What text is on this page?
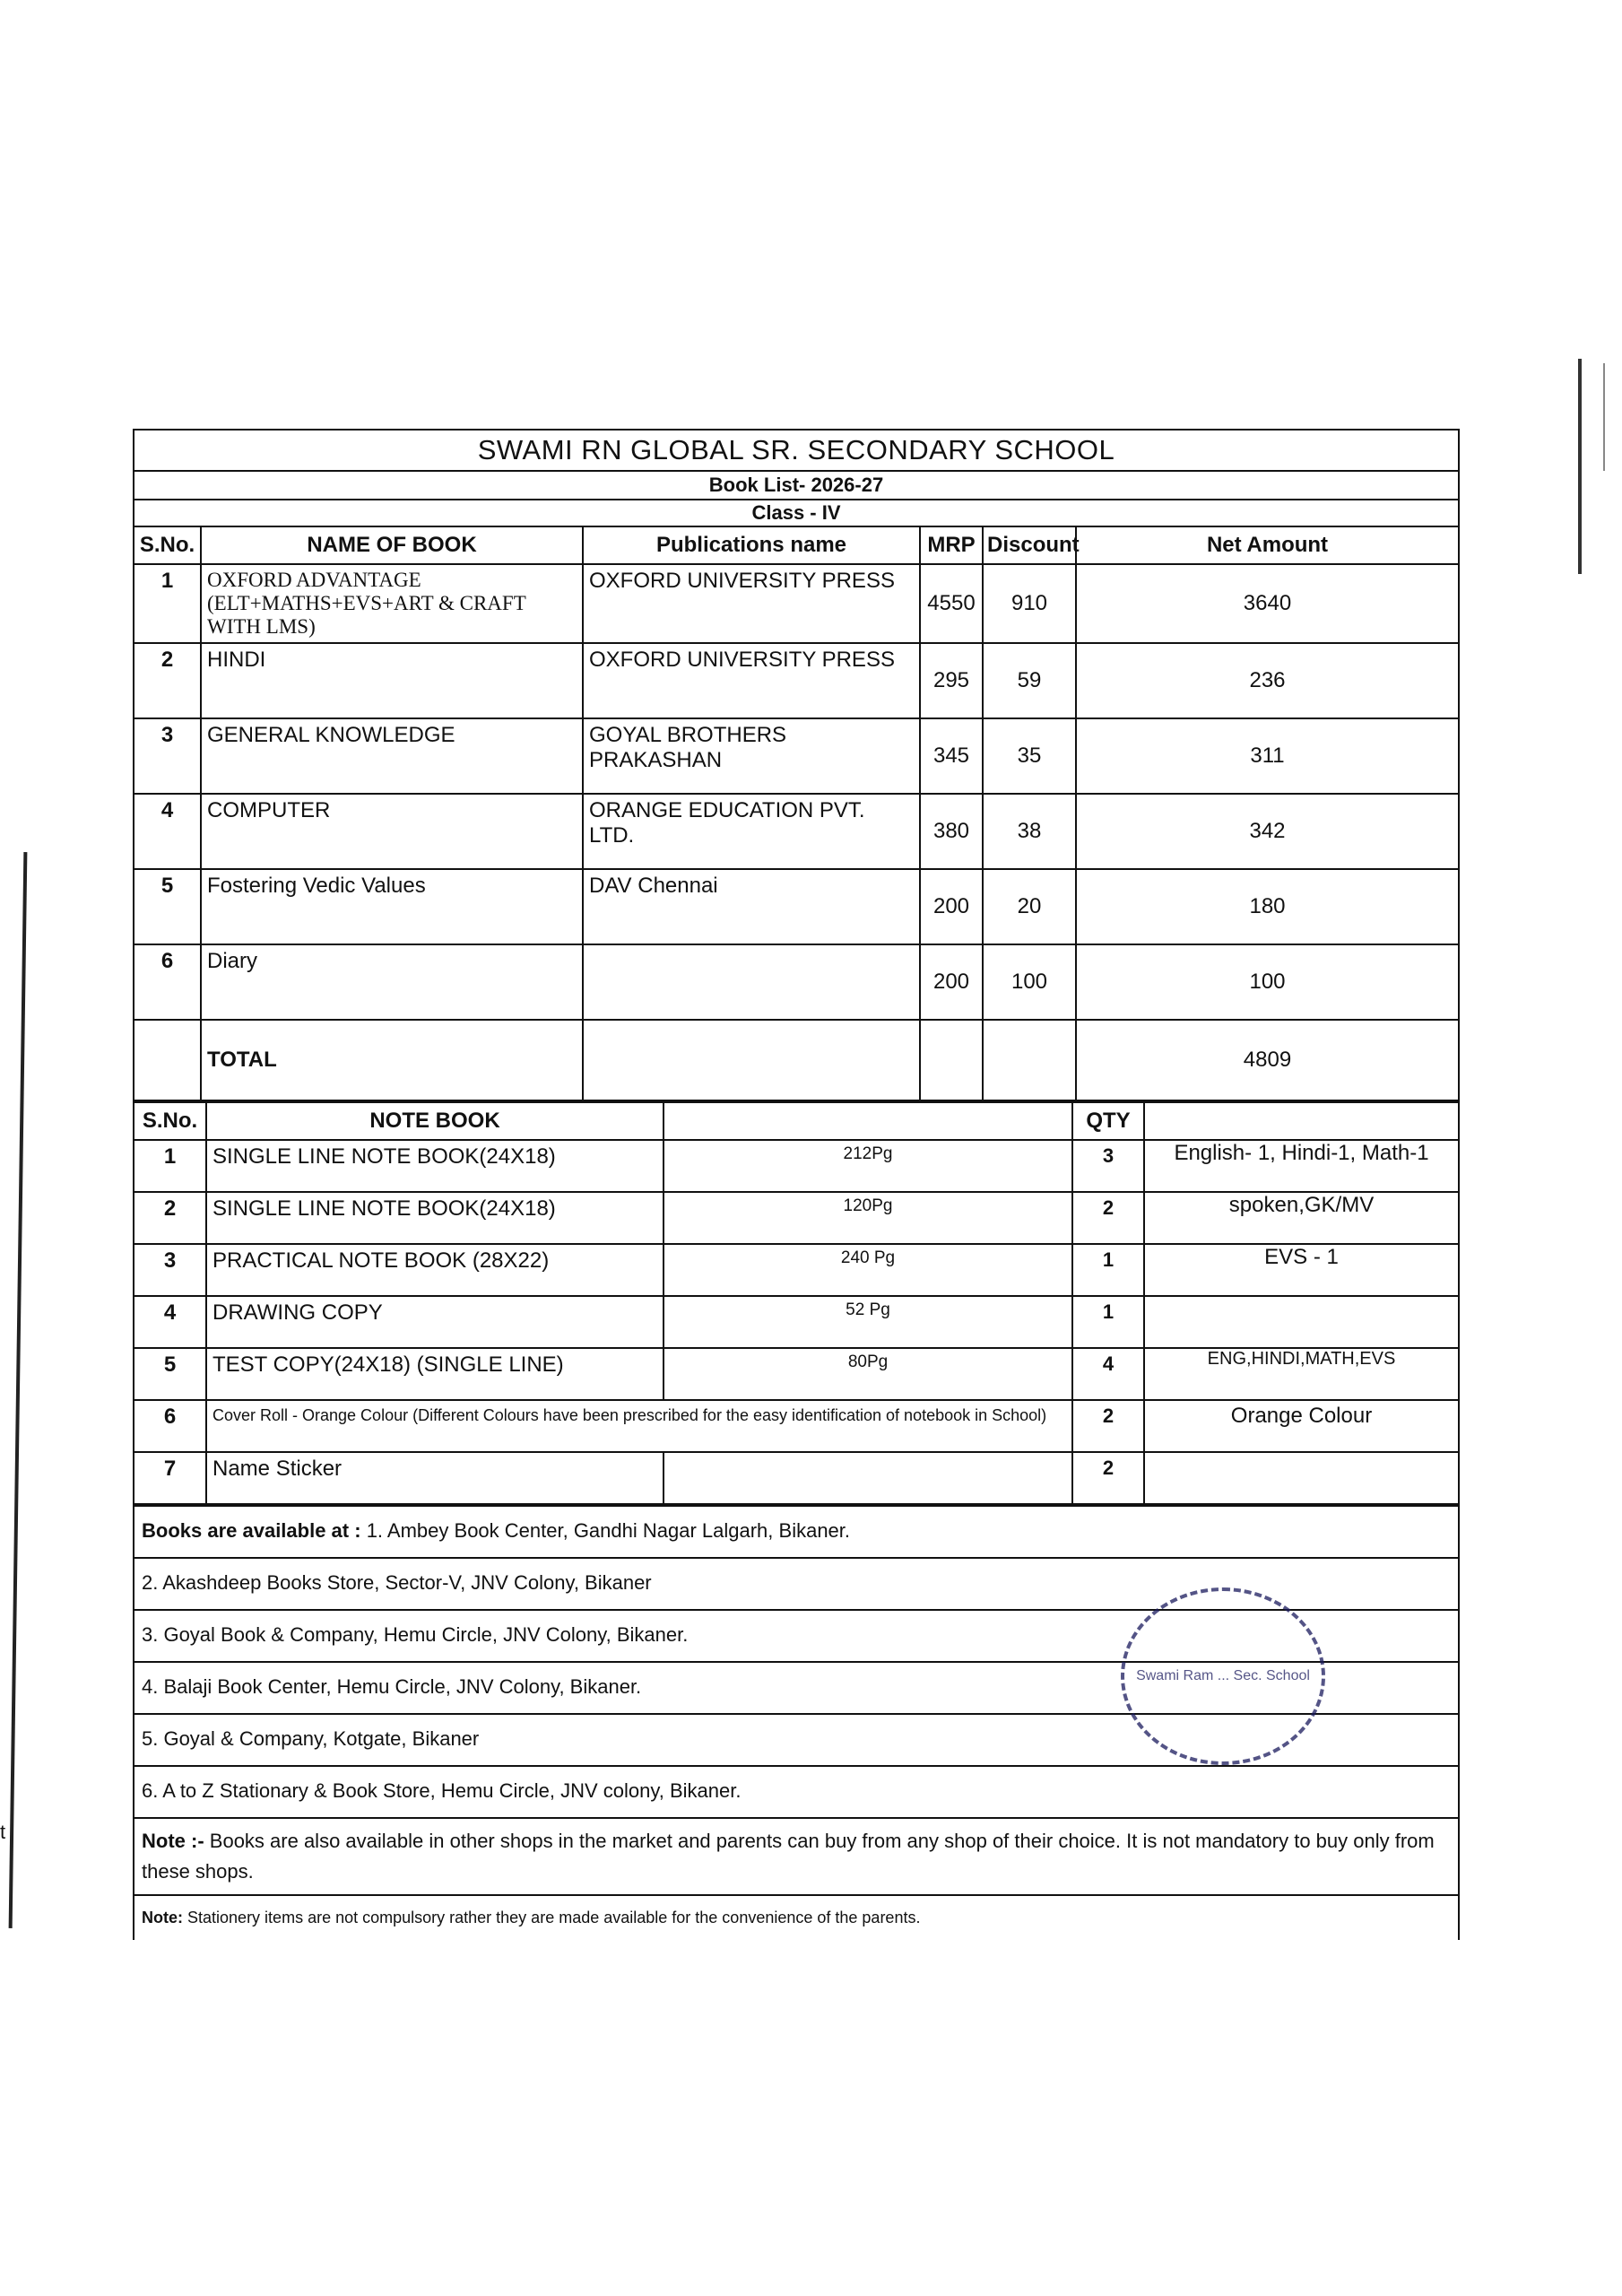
t
SWAMI RN GLOBAL SR. SECONDARY SCHOOL
Book List- 2026-27
Class - IV
S.No.	NAME OF BOOK	Publications name	MRP	Discount	Net Amount
1	OXFORD ADVANTAGE (ELT+MATHS+EVS+ART & CRAFT WITH LMS)	OXFORD UNIVERSITY PRESS	4550	910	3640
2	HINDI	OXFORD UNIVERSITY PRESS	295	59	236
3	GENERAL KNOWLEDGE	GOYAL BROTHERS PRAKASHAN	345	35	311
4	COMPUTER	ORANGE EDUCATION PVT. LTD.	380	38	342
5	Fostering Vedic Values	DAV Chennai	200	20	180
6	Diary		200	100	100
	TOTAL				4809
S.No.	NOTE BOOK		QTY	
1	SINGLE LINE NOTE BOOK(24X18)	212Pg	3	English- 1, Hindi-1, Math-1
2	SINGLE LINE NOTE BOOK(24X18)	120Pg	2	spoken,GK/MV
3	PRACTICAL NOTE BOOK (28X22)	240 Pg	1	EVS - 1
4	DRAWING COPY	52 Pg	1	
5	TEST COPY(24X18) (SINGLE LINE)	80Pg	4	ENG,HINDI,MATH,EVS
6	Cover Roll - Orange Colour (Different Colours have been prescribed for the easy identification of notebook in School)		2	Orange Colour
7	Name Sticker		2	
Books are available at : 1. Ambey Book Center, Gandhi Nagar Lalgarh, Bikaner.
2. Akashdeep Books Store, Sector-V, JNV Colony, Bikaner
3. Goyal Book & Company, Hemu Circle, JNV Colony, Bikaner.
4. Balaji Book Center, Hemu Circle, JNV Colony, Bikaner.
5. Goyal & Company, Kotgate, Bikaner
6. A to Z Stationary & Book Store, Hemu Circle, JNV colony, Bikaner.
Note :- Books are also available in other shops in the market and parents can buy from any shop of their choice. It is not mandatory to buy only from these shops.
Note: Stationery items are not compulsory rather they are made available for the convenience of the parents.
Swami Ram ... Sec. School
